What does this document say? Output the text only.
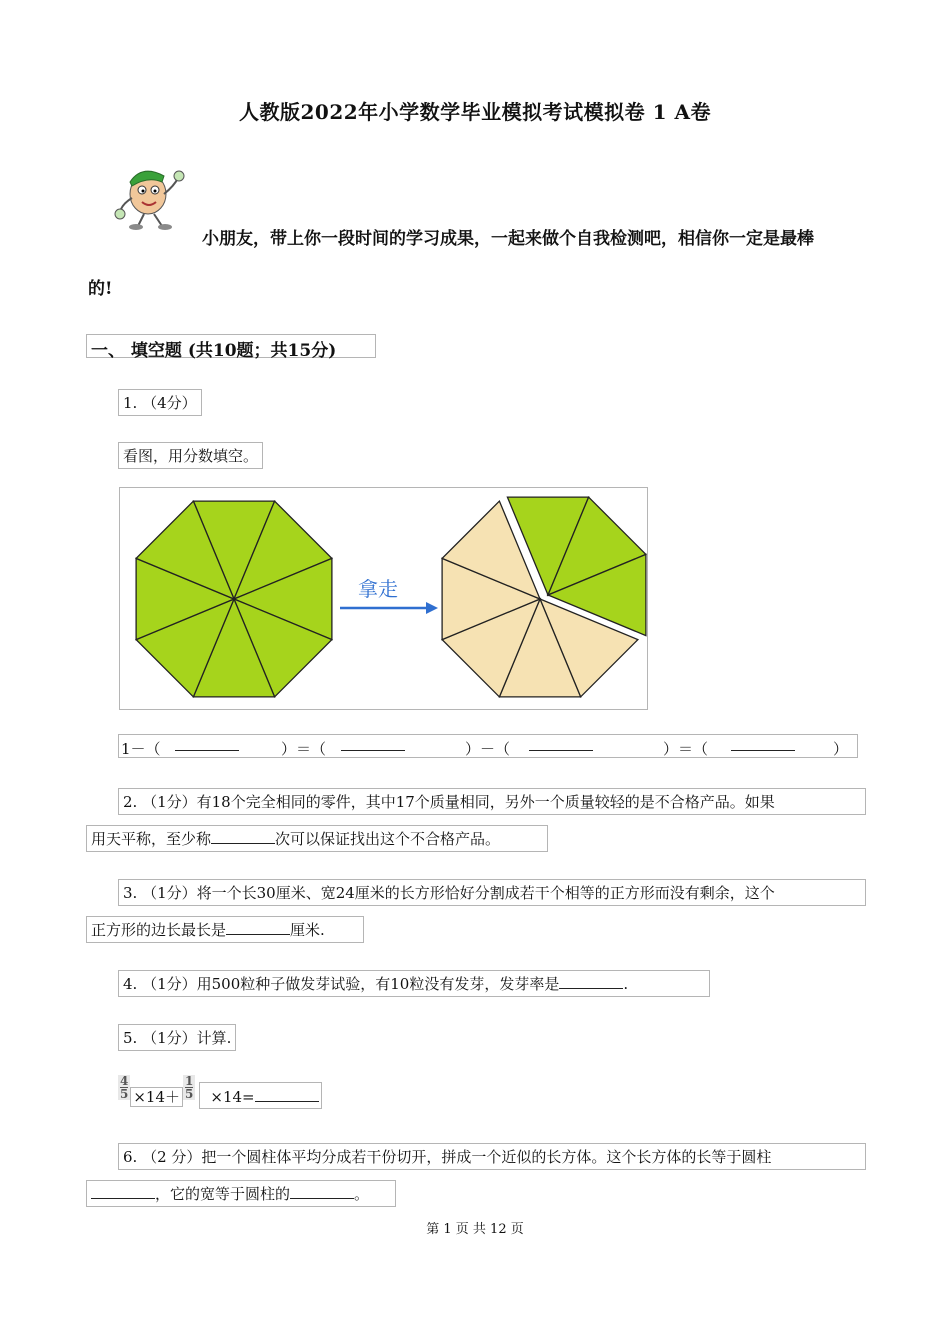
人教版2022年小学数学毕业模拟考试模拟卷 1 A卷
小朋友，带上你一段时间的学习成果，一起来做个自我检测吧，相信你一定是最棒
的!
一、 填空题 (共10题；共15分)
1. （4分）
看图，用分数填空。
拿走
1－（	）＝（	）－（	）＝（	）
2. （1分）有18个完全相同的零件，其中17个质量相同，另外一个质量较轻的是不合格产品。如果
用天平称，至少称	次可以保证找出这个不合格产品。
3. （1分）将一个长30厘米、宽24厘米的长方形恰好分割成若干个相等的正方形而没有剩余，这个
正方形的边长最长是	厘米.
4. （1分）用500粒种子做发芽试验，有10粒没有发芽，发芽率是	.
5. （1分）计算.
$\frac{4}{5} \times 14+ \frac{1}{5} \times 14=$
6. （2 分）把一个圆柱体平均分成若干份切开，拼成一个近似的长方体。这个长方体的长等于圆柱
，它的宽等于圆柱的	。
第 1 页 共 12 页
